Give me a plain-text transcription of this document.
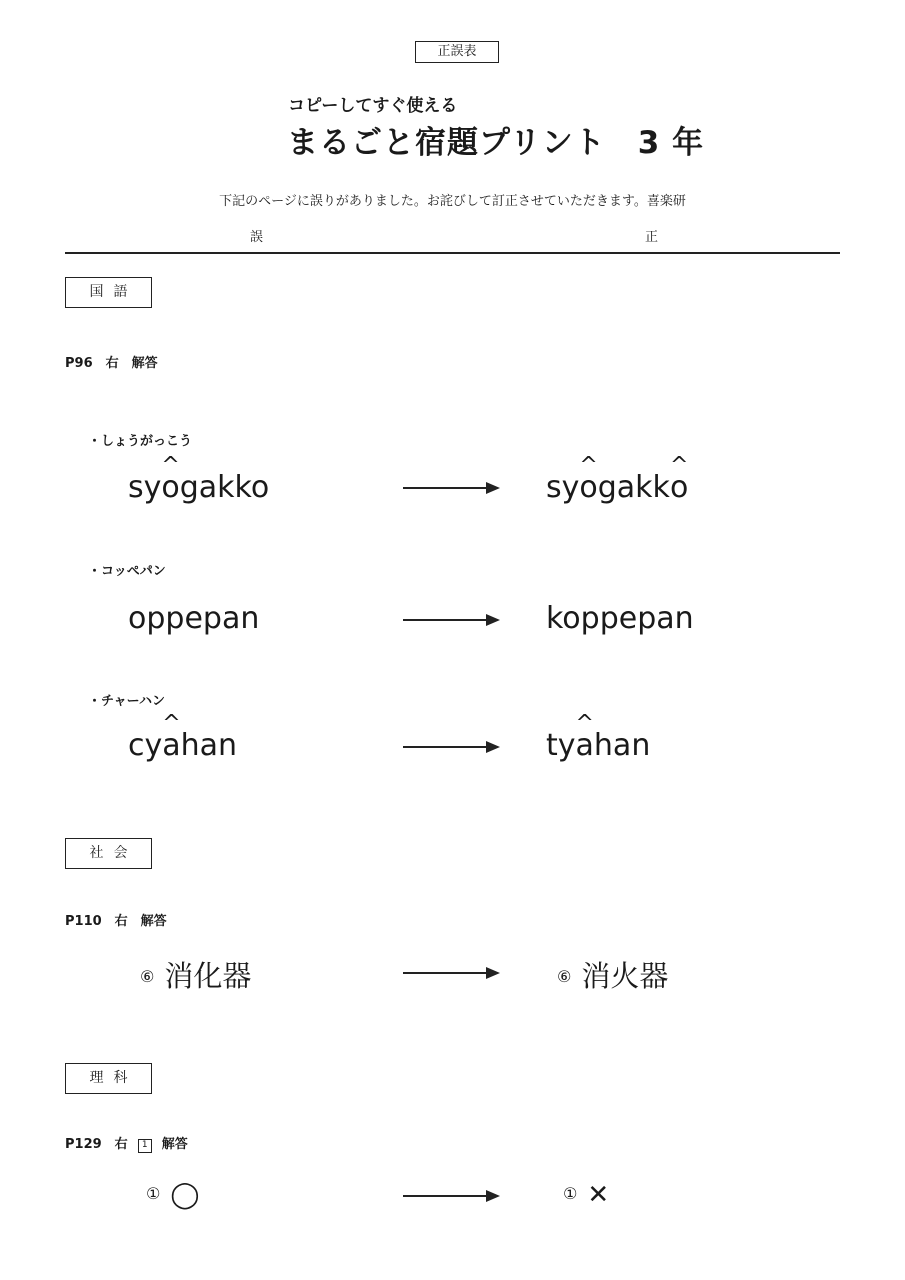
正誤表
コピーしてすぐ使える
まるごと宿題プリント　3 年
下記のページに誤りがありました。お詫びして訂正させていただきます。喜楽研
誤	正
国語
P96　右　解答
・しょうがっこう
sy^ ogakko	sy^ ogakk^ o
・コッペパン
oppepan	koppepan
・チャーハン
cy^ ahan	ty^ ahan
社会
P110　右　解答
⑥ 消化器	⑥ 消火器
理科
P129　右 1 解答
① ◯	① ✕
